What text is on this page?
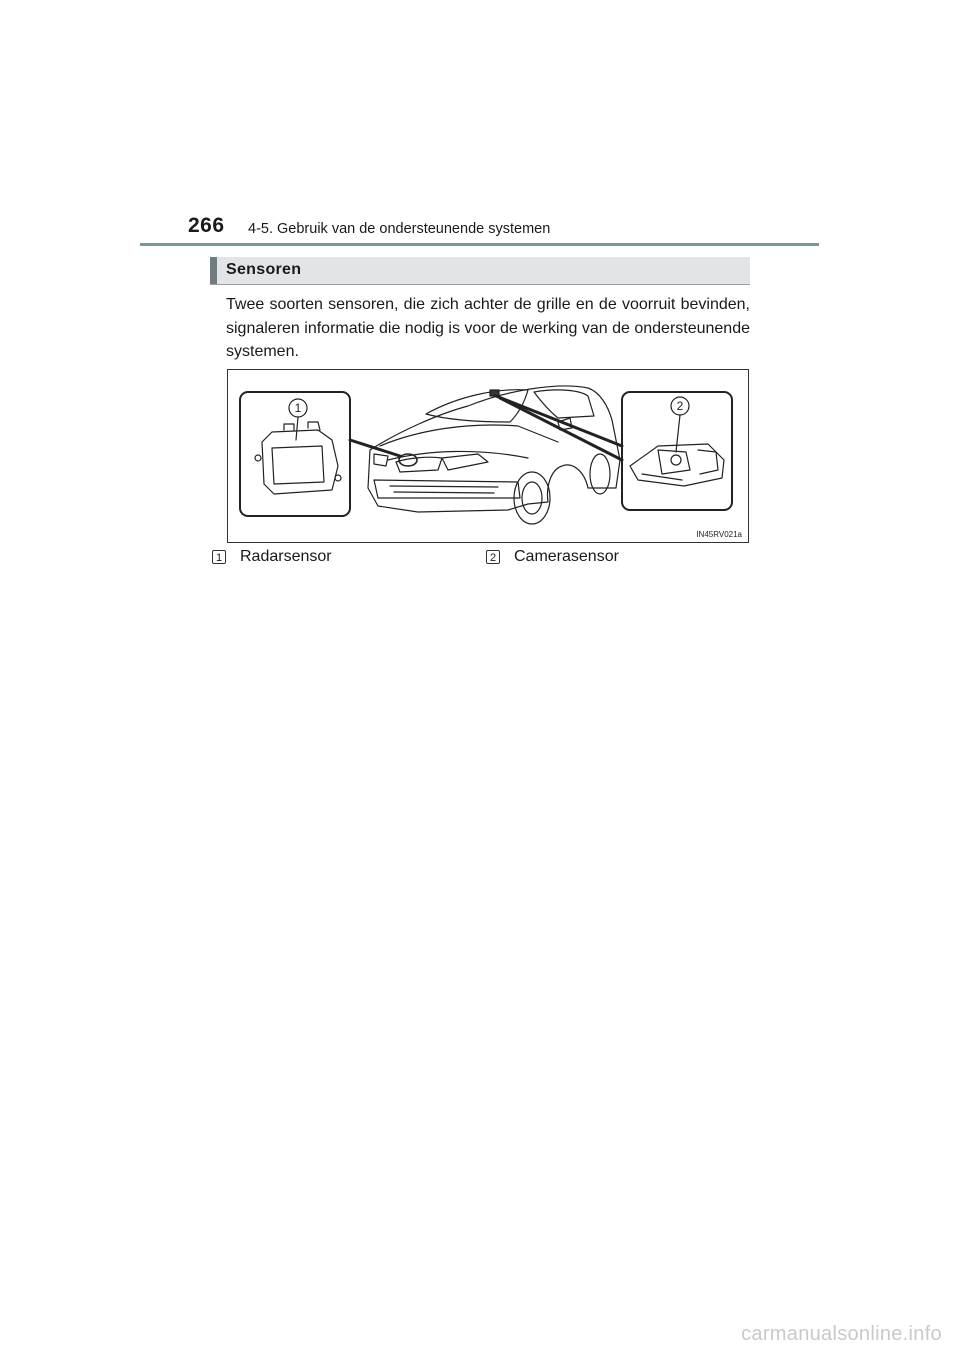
266 4-5. Gebruik van de ondersteunende systemen
Sensoren
Twee soorten sensoren, die zich achter de grille en de voorruit bevinden, signaleren informatie die nodig is voor de werking van de ondersteunende systemen.
1	2
IN45RV021a
1 Radarsensor	2 Camerasensor
carmanualsonline.info
